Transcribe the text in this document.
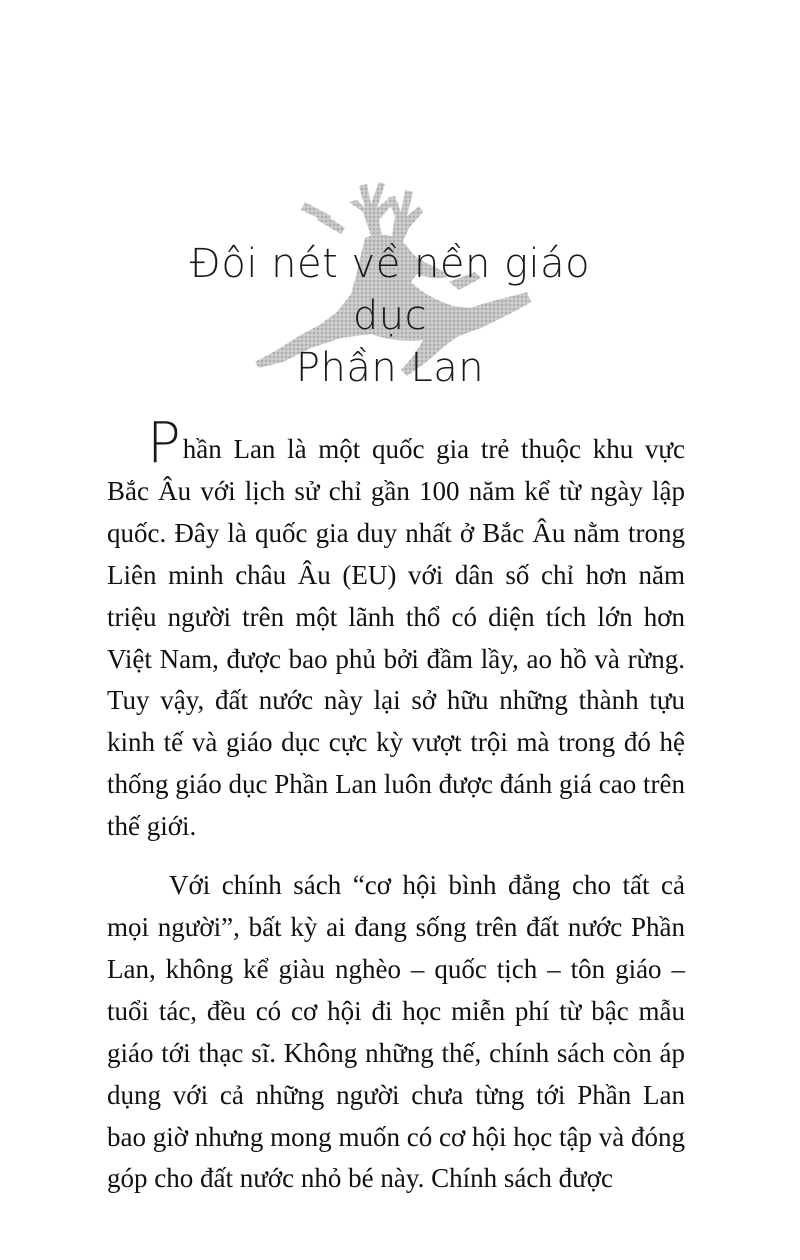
Đôi nét về nền giáo dục
Phần Lan

Phần Lan là một quốc gia trẻ thuộc khu vực Bắc Âu với lịch sử chỉ gần 100 năm kể từ ngày lập quốc. Đây là quốc gia duy nhất ở Bắc Âu nằm trong Liên minh châu Âu (EU) với dân số chỉ hơn năm triệu người trên một lãnh thổ có diện tích lớn hơn Việt Nam, được bao phủ bởi đầm lầy, ao hồ và rừng. Tuy vậy, đất nước này lại sở hữu những thành tựu kinh tế và giáo dục cực kỳ vượt trội mà trong đó hệ thống giáo dục Phần Lan luôn được đánh giá cao trên thế giới.

Với chính sách “cơ hội bình đẳng cho tất cả mọi người”, bất kỳ ai đang sống trên đất nước Phần Lan, không kể giàu nghèo – quốc tịch – tôn giáo – tuổi tác, đều có cơ hội đi học miễn phí từ bậc mẫu giáo tới thạc sĩ. Không những thế, chính sách còn áp dụng với cả những người chưa từng tới Phần Lan bao giờ nhưng mong muốn có cơ hội học tập và đóng góp cho đất nước nhỏ bé này. Chính sách được
